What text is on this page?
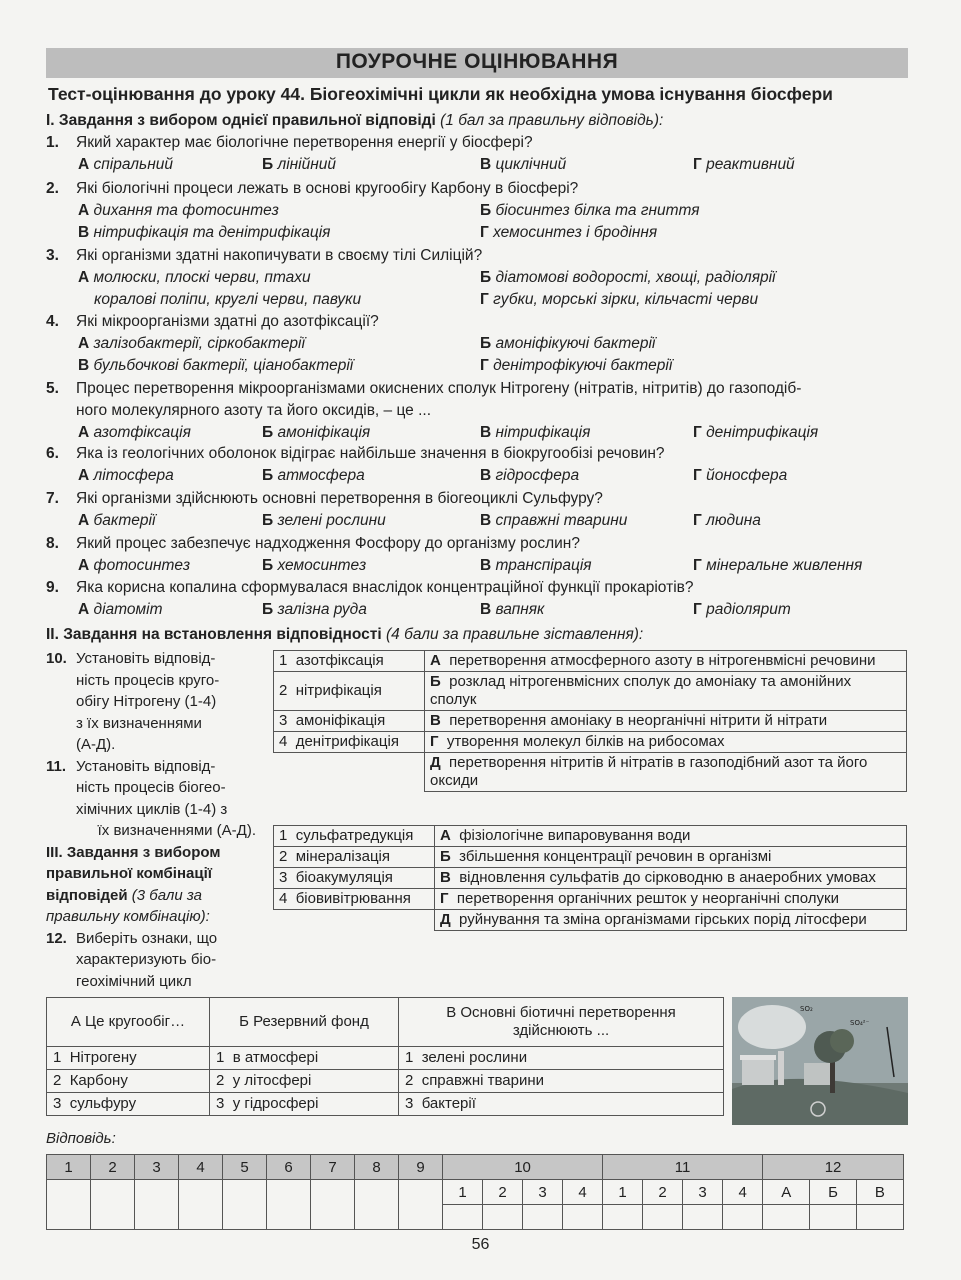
ПОУРОЧНЕ ОЦІНЮВАННЯ
Тест-оцінювання до уроку 44. Біогеохімічні цикли як необхідна умова існування біосфери
І. Завдання з вибором однієї правильної відповіді (1 бал за правильну відповідь):
1. Який характер має біологічне перетворення енергії у біосфері?
А спіральний	Б лінійний	В циклічний	Г реактивний
2. Які біологічні процеси лежать в основі кругообігу Карбону в біосфері?
А дихання та фотосинтез	Б біосинтез білка та гниття
В нітрифікація та денітрифікація	Г хемосинтез і бродіння
3. Які організми здатні накопичувати в своєму тілі Силіцій?
А молюски, плоскі черви, птахи	Б діатомові водорості, хвощі, радіолярії
коралові поліпи, круглі черви, павуки	Г губки, морські зірки, кільчасті черви
4. Які мікроорганізми здатні до азотфіксації?
А залізобактерії, сіркобактерії	Б амоніфікуючі бактерії
В бульбочкові бактерії, ціанобактерії	Г денітрофікуючі бактерії
5. Процес перетворення мікроорганізмами окиснених сполук Нітрогену (нітратів, нітритів) до газоподіб-
ного молекулярного азоту та його оксидів, – це ...
А азотфіксація	Б амоніфікація	В нітрифікація	Г денітрифікація
6. Яка із геологічних оболонок відіграє найбільше значення в біокругообізі речовин?
А літосфера	Б атмосфера	В гідросфера	Г йоносфера
7. Які організми здійснюють основні перетворення в біогеоциклі Сульфуру?
А бактерії	Б зелені рослини	В справжні тварини	Г людина
8. Який процес забезпечує надходження Фосфору до організму рослин?
А фотосинтез	Б хемосинтез	В транспірація	Г мінеральне живлення
9. Яка корисна копалина сформувалася внаслідок концентраційної функції прокаріотів?
А діатоміт	Б залізна руда	В вапняк	Г радіолярит
ІІ. Завдання на встановлення відповідності (4 бали за правильне зіставлення):
10. Установіть відповід-
ність процесів круго-
обігу Нітрогену (1-4)
з їх визначеннями
(А-Д).
11. Установіть відповід-
ність процесів біогео-
хімічних циклів (1-4) з
їх визначеннями (А-Д).
ІІІ. Завдання з вибором
правильної комбінації
відповідей (3 бали за
правильну комбінацію):
12. Виберіть ознаки, що
характеризують біо-
геохімічний цикл
1 азотфіксація	А перетворення атмосферного азоту в нітрогенвмісні речовини
2 нітрифікація	Б розклад нітрогенвмісних сполук до амоніаку та амонійних сполук
3 амоніфікація	В перетворення амоніаку в неорганічні нітрити й нітрати
4 денітрифікація	Г утворення молекул білків на рибосомах
	Д перетворення нітритів й нітратів в газоподібний азот та його оксиди
1 сульфатредукція	А фізіологічне випаровування води
2 мінералізація	Б збільшення концентрації речовин в організмі
3 біоакумуляція	В відновлення сульфатів до сірководню в анаеробних умовах
4 біовивітрювання	Г перетворення органічних решток у неорганічні сполуки
	Д руйнування та зміна організмами гірських порід літосфери
А Це кругообіг…	Б Резервний фонд	В Основні біотичні перетворення здійснюють ...
1 Нітрогену	1 в атмосфері	1 зелені рослини
2 Карбону	2 у літосфері	2 справжні тварини
3 сульфуру	3 у гідросфері	3 бактерії
SO₂
SO₄²⁻
Відповідь:
1	2	3	4	5	6	7	8	9	10				11				12		
									1	2	3	4	1	2	3	4	А	Б	В

56
